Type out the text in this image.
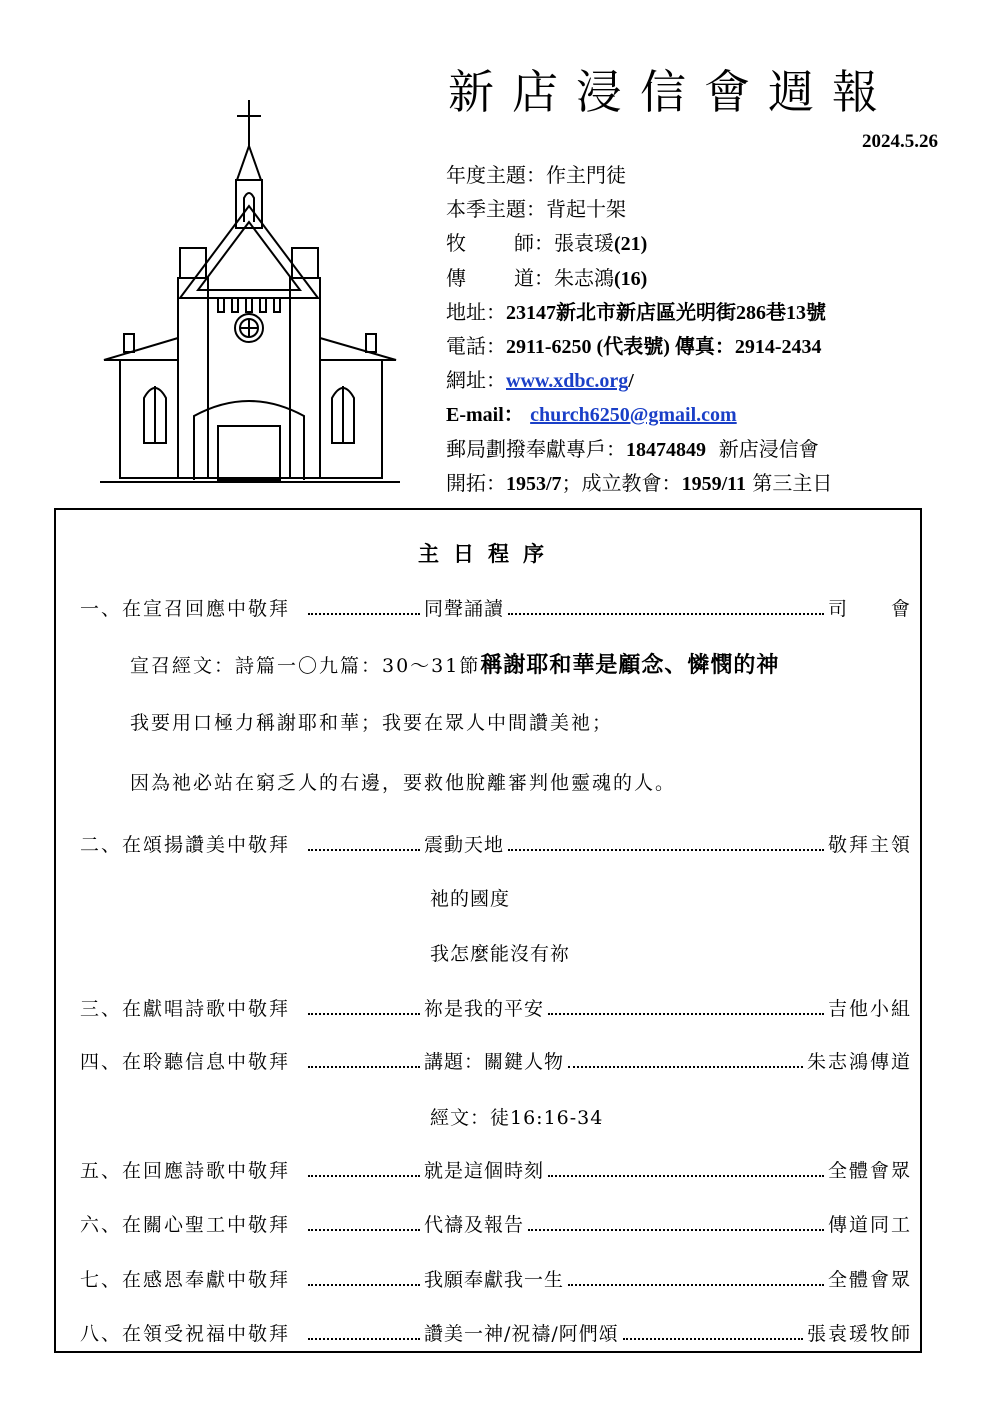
新店浸信會週報
2024.5.26
年度主題：作主門徒
本季主題：背起十架
牧 師：張袁瑗(21)
傳 道：朱志鴻(16)
地址：23147新北市新店區光明街286巷13號
電話：2911-6250 (代表號) 傳真：2914-2434
網址：www.xdbc.org/
E-mail： church6250@gmail.com
郵局劃撥奉獻專戶：18474849 新店浸信會
開拓：1953/7；成立教會：1959/11 第三主日
主日程序
一、在宣召回應中敬拜	同聲誦讀	司　　會
宣召經文：詩篇一〇九篇：30～31節稱謝耶和華是顧念、憐憫的神
我要用口極力稱謝耶和華；我要在眾人中間讚美祂；
因為祂必站在窮乏人的右邊，要救他脫離審判他靈魂的人。
二、在頌揚讚美中敬拜	震動天地	敬拜主領
祂的國度
我怎麼能沒有祢
三、在獻唱詩歌中敬拜	祢是我的平安	吉他小組
四、在聆聽信息中敬拜	講題：關鍵人物	朱志鴻傳道
經文：徒16:16-34
五、在回應詩歌中敬拜	就是這個時刻	全體會眾
六、在關心聖工中敬拜	代禱及報告	傳道同工
七、在感恩奉獻中敬拜	我願奉獻我一生	全體會眾
八、在領受祝福中敬拜	讚美一神/祝禱/阿們頌	張袁瑗牧師
